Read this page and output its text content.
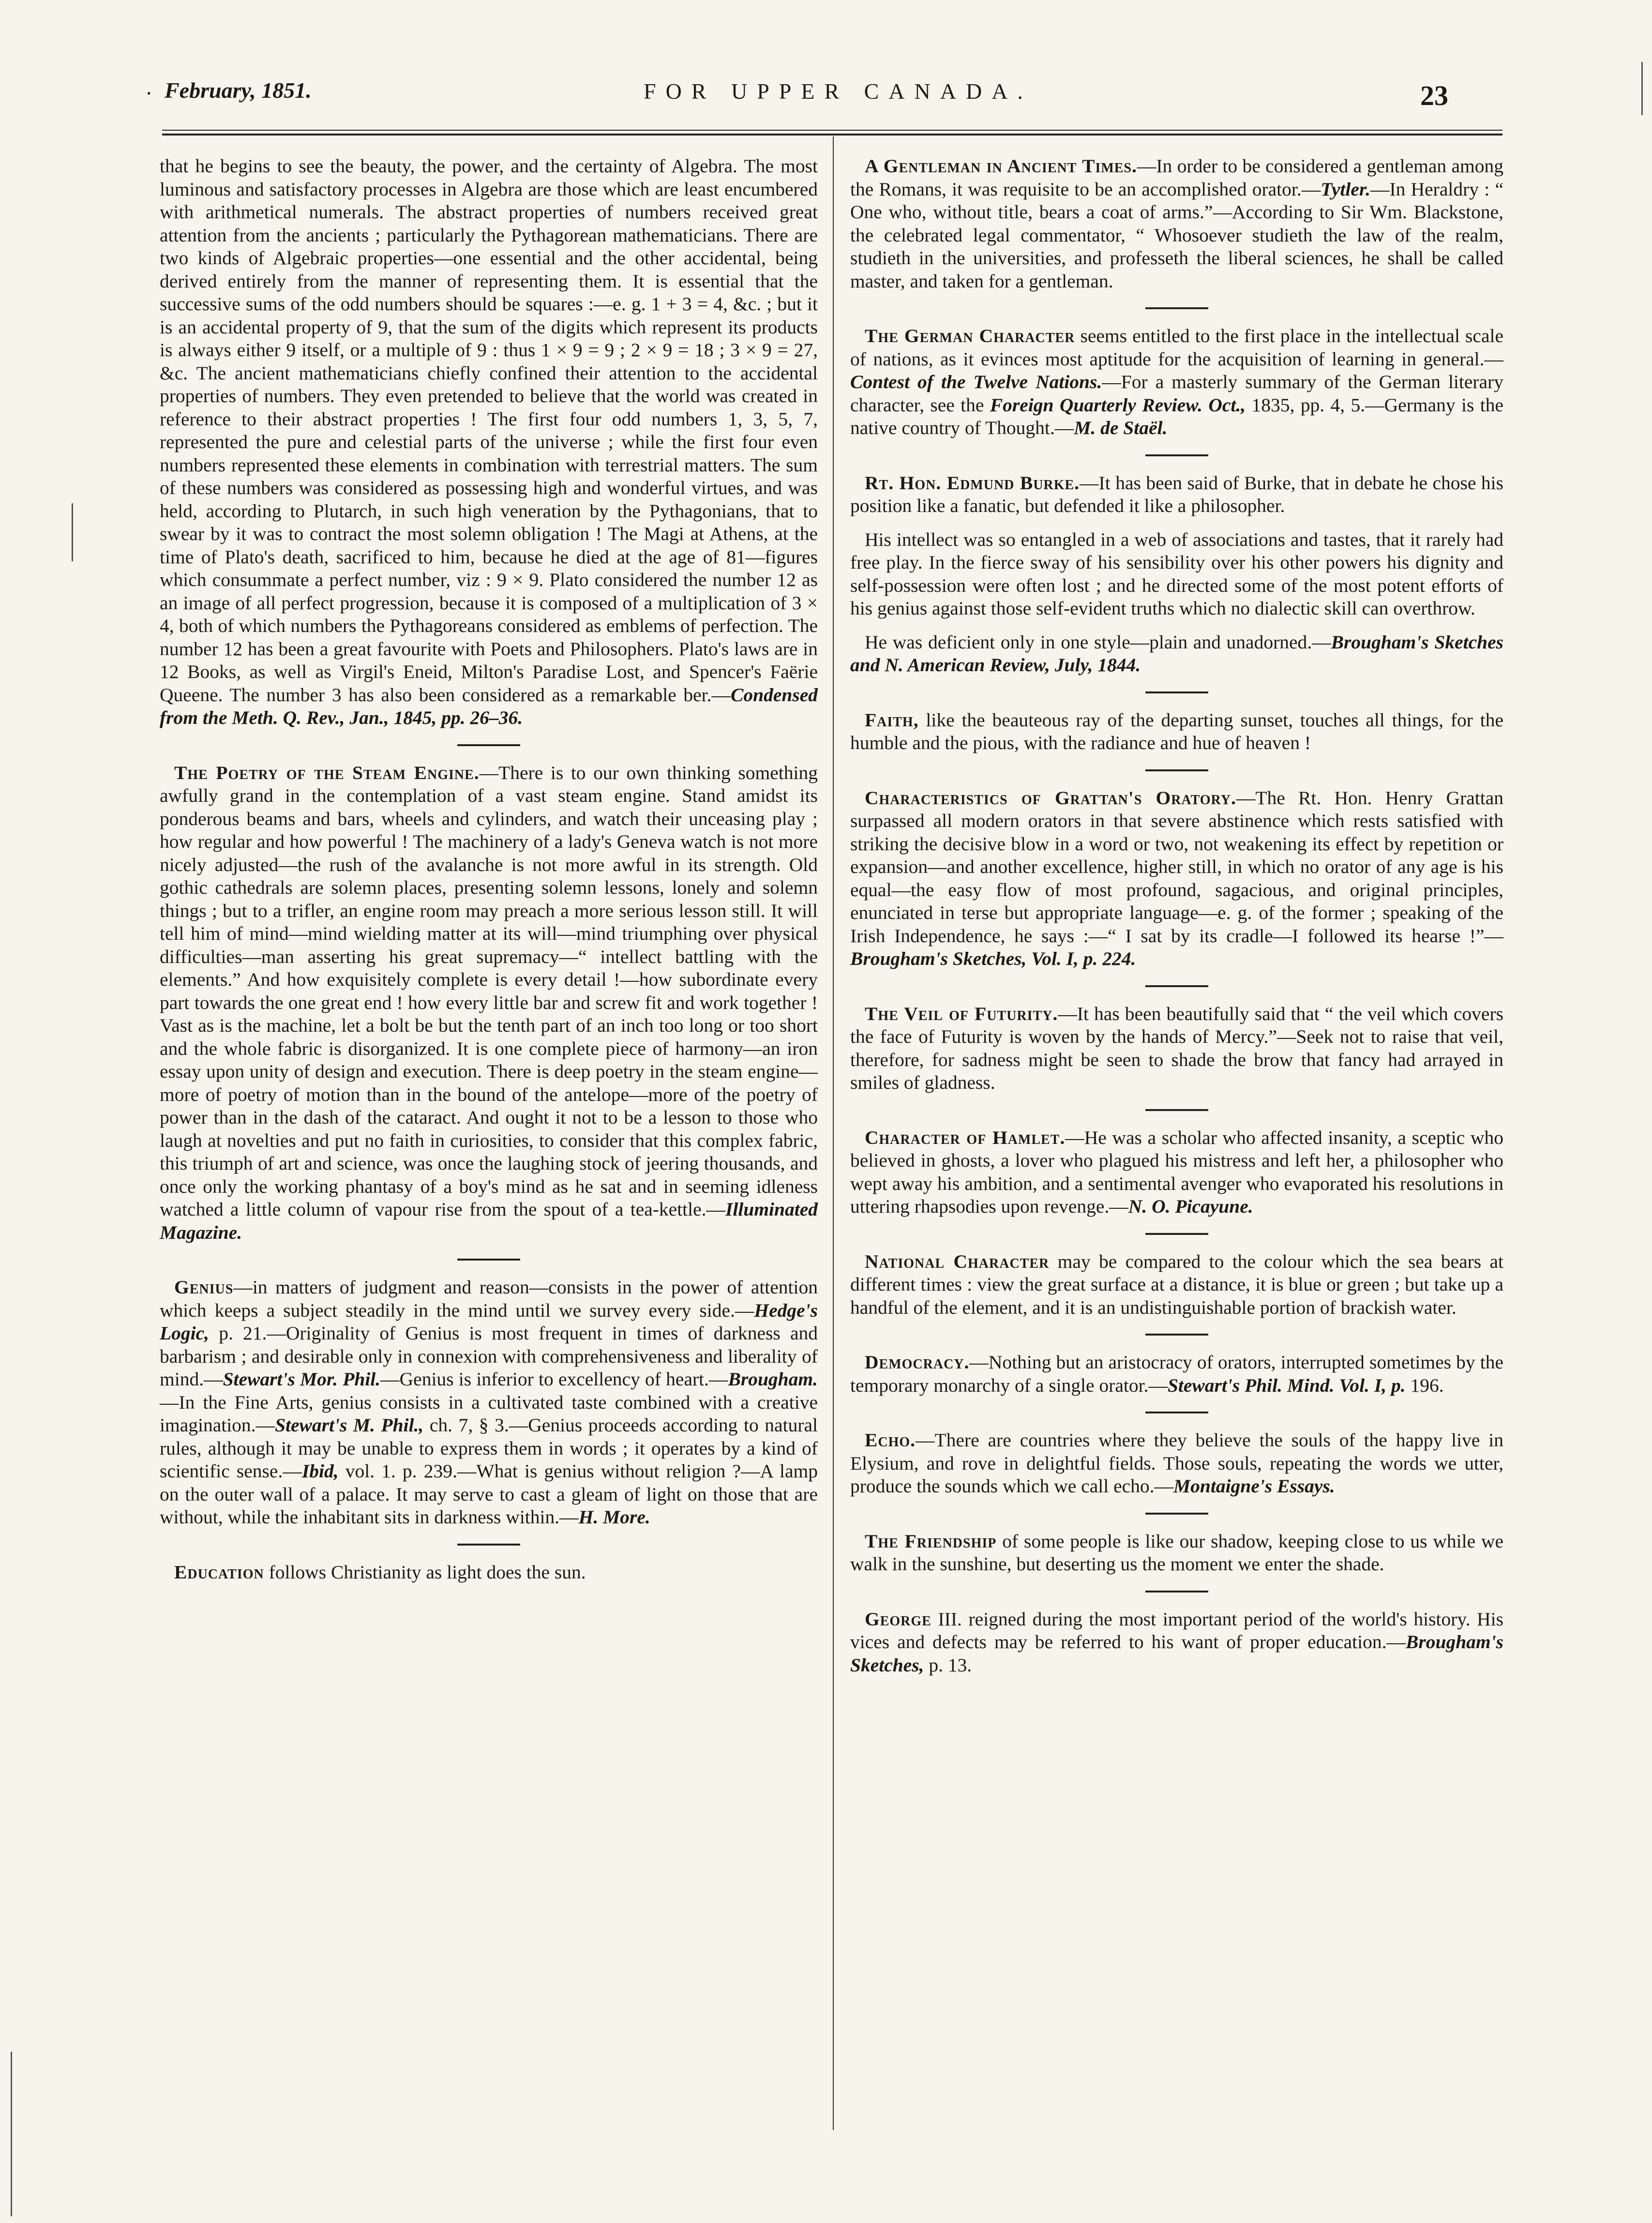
· February, 1851.	FOR UPPER CANADA.	23

that he begins to see the beauty, the power, and the certainty of Algebra. The most luminous and satisfactory processes in Algebra are those which are least encumbered with arithmetical numerals. The abstract properties of numbers received great attention from the ancients ; particularly the Pythagorean mathematicians. There are two kinds of Algebraic properties—one essential and the other accidental, being derived entirely from the manner of representing them. It is essential that the successive sums of the odd numbers should be squares :—e. g. 1 + 3 = 4, &c. ; but it is an accidental property of 9, that the sum of the digits which represent its products is always either 9 itself, or a multiple of 9 : thus 1 × 9 = 9 ; 2 × 9 = 18 ; 3 × 9 = 27, &c. The ancient mathematicians chiefly confined their attention to the accidental properties of numbers. They even pretended to believe that the world was created in reference to their abstract properties ! The first four odd numbers 1, 3, 5, 7, represented the pure and celestial parts of the universe ; while the first four even numbers represented these elements in combination with terrestrial matters. The sum of these numbers was considered as possessing high and wonderful virtues, and was held, according to Plutarch, in such high veneration by the Pythagonians, that to swear by it was to contract the most solemn obligation ! The Magi at Athens, at the time of Plato's death, sacrificed to him, because he died at the age of 81—figures which consummate a perfect number, viz : 9 × 9. Plato considered the number 12 as an image of all perfect progression, because it is composed of a multiplication of 3 × 4, both of which numbers the Pythagoreans considered as emblems of perfection. The number 12 has been a great favourite with Poets and Philosophers. Plato's laws are in 12 Books, as well as Virgil's Eneid, Milton's Paradise Lost, and Spencer's Faërie Queene. The number 3 has also been considered as a remarkable ber.—Condensed from the Meth. Q. Rev., Jan., 1845, pp. 26–36.

The Poetry of the Steam Engine.—There is to our own thinking something awfully grand in the contemplation of a vast steam engine. Stand amidst its ponderous beams and bars, wheels and cylinders, and watch their unceasing play ; how regular and how powerful ! The machinery of a lady's Geneva watch is not more nicely adjusted—the rush of the avalanche is not more awful in its strength. Old gothic cathedrals are solemn places, presenting solemn lessons, lonely and solemn things ; but to a trifler, an engine room may preach a more serious lesson still. It will tell him of mind—mind wielding matter at its will—mind triumphing over physical difficulties—man asserting his great supremacy—“ intellect battling with the elements.” And how exquisitely complete is every detail !—how subordinate every part towards the one great end ! how every little bar and screw fit and work together ! Vast as is the machine, let a bolt be but the tenth part of an inch too long or too short and the whole fabric is disorganized. It is one complete piece of harmony—an iron essay upon unity of design and execution. There is deep poetry in the steam engine—more of poetry of motion than in the bound of the antelope—more of the poetry of power than in the dash of the cataract. And ought it not to be a lesson to those who laugh at novelties and put no faith in curiosities, to consider that this complex fabric, this triumph of art and science, was once the laughing stock of jeering thousands, and once only the working phantasy of a boy's mind as he sat and in seeming idleness watched a little column of vapour rise from the spout of a tea-kettle.—Illuminated Magazine.

Genius—in matters of judgment and reason—consists in the power of attention which keeps a subject steadily in the mind until we survey every side.—Hedge's Logic, p. 21.—Originality of Genius is most frequent in times of darkness and barbarism ; and desirable only in connexion with comprehensiveness and liberality of mind.—Stewart's Mor. Phil.—Genius is inferior to excellency of heart.—Brougham.—In the Fine Arts, genius consists in a cultivated taste combined with a creative imagination.—Stewart's M. Phil., ch. 7, § 3.—Genius proceeds according to natural rules, although it may be unable to express them in words ; it operates by a kind of scientific sense.—Ibid, vol. 1. p. 239.—What is genius without religion ?—A lamp on the outer wall of a palace. It may serve to cast a gleam of light on those that are without, while the inhabitant sits in darkness within.—H. More.

Education follows Christianity as light does the sun.

A Gentleman in Ancient Times.—In order to be considered a gentleman among the Romans, it was requisite to be an accomplished orator.—Tytler.—In Heraldry : “ One who, without title, bears a coat of arms.”—According to Sir Wm. Blackstone, the celebrated legal commentator, “ Whosoever studieth the law of the realm, studieth in the universities, and professeth the liberal sciences, he shall be called master, and taken for a gentleman.

The German Character seems entitled to the first place in the intellectual scale of nations, as it evinces most aptitude for the acquisition of learning in general.—Contest of the Twelve Nations.—For a masterly summary of the German literary character, see the Foreign Quarterly Review. Oct., 1835, pp. 4, 5.—Germany is the native country of Thought.—M. de Staël.

Rt. Hon. Edmund Burke.—It has been said of Burke, that in debate he chose his position like a fanatic, but defended it like a philosopher.

His intellect was so entangled in a web of associations and tastes, that it rarely had free play. In the fierce sway of his sensibility over his other powers his dignity and self-possession were often lost ; and he directed some of the most potent efforts of his genius against those self-evident truths which no dialectic skill can overthrow.

He was deficient only in one style—plain and unadorned.—Brougham's Sketches and N. American Review, July, 1844.

Faith, like the beauteous ray of the departing sunset, touches all things, for the humble and the pious, with the radiance and hue of heaven !

Characteristics of Grattan's Oratory.—The Rt. Hon. Henry Grattan surpassed all modern orators in that severe abstinence which rests satisfied with striking the decisive blow in a word or two, not weakening its effect by repetition or expansion—and another excellence, higher still, in which no orator of any age is his equal—the easy flow of most profound, sagacious, and original principles, enunciated in terse but appropriate language—e. g. of the former ; speaking of the Irish Independence, he says :—“ I sat by its cradle—I followed its hearse !”—Brougham's Sketches, Vol. I, p. 224.

The Veil of Futurity.—It has been beautifully said that “ the veil which covers the face of Futurity is woven by the hands of Mercy.”—Seek not to raise that veil, therefore, for sadness might be seen to shade the brow that fancy had arrayed in smiles of gladness.

Character of Hamlet.—He was a scholar who affected insanity, a sceptic who believed in ghosts, a lover who plagued his mistress and left her, a philosopher who wept away his ambition, and a sentimental avenger who evaporated his resolutions in uttering rhapsodies upon revenge.—N. O. Picayune.

National Character may be compared to the colour which the sea bears at different times : view the great surface at a distance, it is blue or green ; but take up a handful of the element, and it is an undistinguishable portion of brackish water.

Democracy.—Nothing but an aristocracy of orators, interrupted sometimes by the temporary monarchy of a single orator.—Stewart's Phil. Mind. Vol. I, p. 196.

Echo.—There are countries where they believe the souls of the happy live in Elysium, and rove in delightful fields. Those souls, repeating the words we utter, produce the sounds which we call echo.—Montaigne's Essays.

The Friendship of some people is like our shadow, keeping close to us while we walk in the sunshine, but deserting us the moment we enter the shade.

George III. reigned during the most important period of the world's history. His vices and defects may be referred to his want of proper education.—Brougham's Sketches, p. 13.
